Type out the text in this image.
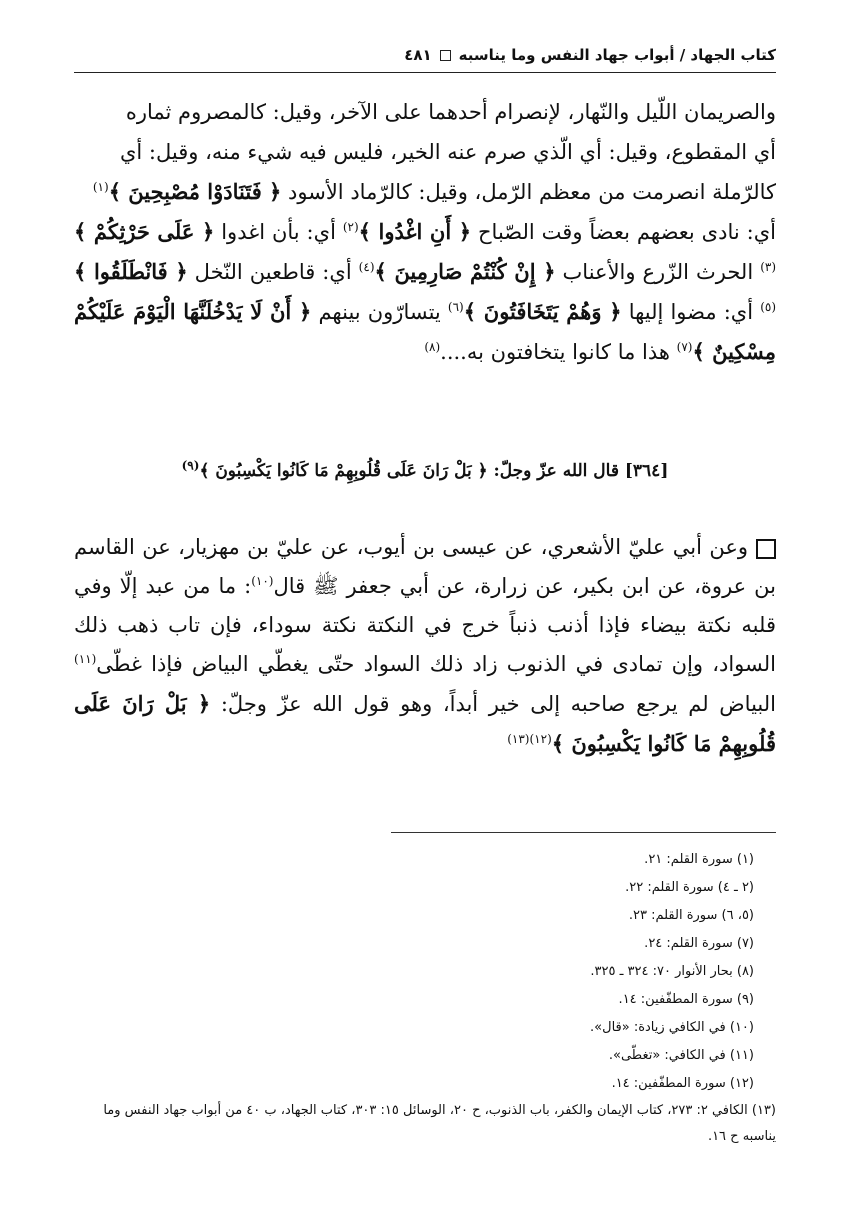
كتاب الجهاد / أبواب جهاد النفس وما يناسبه
٤٨١

والصريمان اللّيل والنّهار، لإنصرام أحدهما على الآخر، وقيل: كالمصروم ثماره

أي المقطوع، وقيل: أي الّذي صرم عنه الخير، فليس فيه شيء منه، وقيل: أي

كالرّملة انصرمت من معظم الرّمل، وقيل: كالرّماد الأسود ﴿ فَتَنَادَوْا مُصْبِحِينَ ﴾$^{(١)}$

أي: نادى بعضهم بعضاً وقت الصّباح ﴿ أَنِ اغْدُوا ﴾$^{(٢)}$ أي: بأن اغدوا ﴿ عَلَى حَرْثِكُمْ ﴾$^{(٣)}$ الحرث الزّرع والأعناب ﴿ إِنْ كُنْتُمْ صَارِمِينَ ﴾$^{(٤)}$ أي: قاطعين النّخل ﴿ فَانْطَلَقُوا ﴾$^{(٥)}$ أي: مضوا إليها ﴿ وَهُمْ يَتَخَافَتُونَ ﴾$^{(٦)}$ يتسارّون بينهم ﴿ أَنْ لَا يَدْخُلَنَّهَا الْيَوْمَ عَلَيْكُمْ مِسْكِينٌ ﴾$^{(٧)}$ هذا ما كانوا يتخافتون به....$^{(٨)}$

[٣٦٤] قال الله عزّ وجلّ: ﴿ بَلْ رَانَ عَلَى قُلُوبِهِمْ مَا كَانُوا يَكْسِبُونَ ﴾$^{(٩)}$

وعن أبي عليّ الأشعري، عن عيسى بن أيوب، عن عليّ بن مهزيار، عن القاسم بن عروة، عن ابن بكير، عن زرارة، عن أبي جعفر ﷺ قال$^{(١٠)}$: ما من عبد إلّا وفي قلبه نكتة بيضاء فإذا أذنب ذنباً خرج في النكتة نكتة سوداء، فإن تاب ذهب ذلك السواد، وإن تمادى في الذنوب زاد ذلك السواد حتّى يغطّي البياض فإذا غطّى$^{(١١)}$ البياض لم يرجع صاحبه إلى خير أبداً، وهو قول الله عزّ وجلّ: ﴿ بَلْ رَانَ عَلَى قُلُوبِهِمْ مَا كَانُوا يَكْسِبُونَ ﴾$^{(١٢)(١٣)}$

(١) سورة القلم: ٢١.

(٢ ـ ٤) سورة القلم: ٢٢.

(٥، ٦) سورة القلم: ٢٣.

(٧) سورة القلم: ٢٤.

(٨) بحار الأنوار ٧٠: ٣٢٤ ـ ٣٢٥.

(٩) سورة المطفّفين: ١٤.

(١٠) في الكافي زيادة: «قال».

(١١) في الكافي: «تغطّى».

(١٢) سورة المطفّفين: ١٤.

(١٣) الكافي ٢: ٢٧٣، كتاب الإيمان والكفر، باب الذنوب، ح ٢٠، الوسائل ١٥: ٣٠٣، كتاب الجهاد، ب ٤٠ من أبواب جهاد النفس وما يناسبه ح ١٦.
